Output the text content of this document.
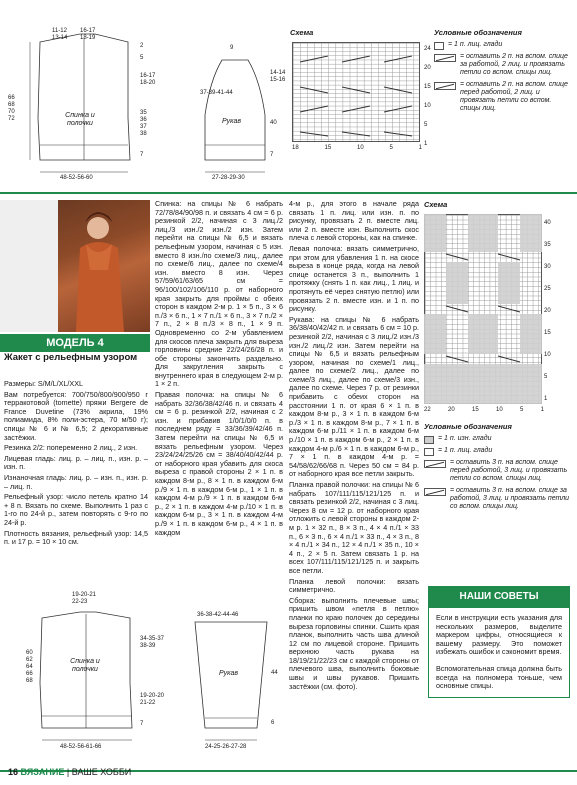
11-12
13-14
16-17
18-19
2
5
16-17
18-20
66
68
70
72
35
36
37
38
7
Спинка и полочки
48-52-56-60
9
37-39-41-44
14-14
15-16
40
7
Рукав
27-28-29-30
Схема
24
20
15
10
5
1
18	15	10	5	1
Условные обозначения
= 1 п. лиц. глади
= оставить 2 п. на вспом. спице за работой, 2 лиц. и провязать петли со вспом. спицы лиц.
= оставить 2 п. на вспом. спице перед работой, 2 лиц. и провязать петли со вспом. спицы лиц.
МОДЕЛЬ 4
Жакет с рельефным узором

Размеры: S/M/L/XL/XXL

Вам потребуется: 700/750/800/900/950 г терракотовой (tomette) пряжи Bergere de France Duvetine (73% акрила, 19% полиамида, 8% поли-эстера, 70 м/50 г); спицы № 6 и № 6,5; 2 декоративные застёжки.

Резинка 2/2: попеременно 2 лиц., 2 изн.

Лицевая гладь: лиц. р. – лиц. п., изн. р. – изн. п.

Изнаночная гладь: лиц. р. – изн. п., изн. р. – лиц. п.

Рельефный узор: число петель кратно 14 + 8 п. Вязать по схеме. Выполнить 1 раз с 1-го по 24-й р., затем повторять с 9-го по 24-й р.

Плотность вязания, рельефный узор: 14,5 п. и 17 р. = 10 × 10 см.

Спинка: на спицы № 6 набрать 72/78/84/90/98 п. и связать 4 см = 6 р. резинкой 2/2, начиная с 3 лиц./2 лиц./3 изн./2 изн./2 изн. Затем перейти на спицы № 6,5 и вязать рельефным узором, начиная с 5 изн. вместо 8 изн./по схеме/3 лиц., далее по схеме/6 лиц., далее по схеме/4 изн. вместо 8 изн. Через 57/59/61/63/65 см = 96/100/102/106/110 р. от наборного края закрыть для проймы с обеих сторон в каждом 2-м р. 1 × 5 п., 3 × 6 п./3 × 6 п., 1 × 7 п./1 × 6 п., 3 × 7 п./2 × 7 п., 2 × 8 п./3 × 8 п., 1 × 9 п. Одновременно со 2-м убавлением для скосов плеча закрыть для выреза горловины средние 22/24/26/28 п. и обе стороны закончить раздельно. Для закругления закрыть с внутреннего края в следующем 2-м р. 1 × 2 п.

Правая полочка: на спицы № 6 набрать 32/36/38/42/46 п. и связать 4 см = 6 р. резинкой 2/2, начиная с 2 изн. и прибавив 1/0/1/0/0 п. в последнем ряду = 33/36/39/42/46 п. Затем перейти на спицы № 6,5 и вязать рельефным узором. Через 23/24/24/25/26 см = 38/40/40/42/44 р. от наборного края убавить для скоса выреза с правой стороны 2 × 1 п. в каждом 8-м р., 8 × 1 п. в каждом 6-м р./9 × 1 п. в каждом 6-м р., 1 × 1 п. в каждом 4-м р./9 × 1 п. в каждом 6-м р., 2 × 1 п. в каждом 4-м р./10 × 1 п. в каждом 6-м р., 3 × 1 п. в каждом 4-м р./9 × 1 п. в каждом 6-м р., 4 × 1 п. в каждом

4-м р., для этого в начале ряда связать 1 п. лиц. или изн. п. по рисунку, провязать 2 п. вместе лиц. или 2 п. вместе изн. Выполнить скос плеча с левой стороны, как на спинке.

Левая полочка: вязать симметрично, при этом для убавления 1 п. на скосе выреза в конце ряда, когда на левой спице останется 3 п., выполнить 1 протяжку (снять 1 п. как лиц., 1 лиц. и протянуть её через снятую петлю) или провязать 2 п. вместе изн. и 1 п. по рисунку.

Рукава: на спицы № 6 набрать 36/38/40/42/42 п. и связать 6 см = 10 р. резинкой 2/2, начиная с 3 лиц./2 изн./3 изн./2 лиц./2 изн. Затем перейти на спицы № 6,5 и вязать рельефным узором, начиная по схеме/1 лиц., далее по схеме/2 лиц., далее по схеме/3 лиц., далее по схеме/3 изн., далее по схеме. Через 7 р. от резинки прибавить с обеих сторон на расстоянии 1 п. от края 6 × 1 п. в каждом 8-м р., 3 × 1 п. в каждом 6-м р./3 × 1 п. в каждом 8-м р., 7 × 1 п. в каждом 6-м р./11 × 1 п. в каждом 6-м р./10 × 1 п. в каждом 6-м р., 2 × 1 п. в каждом 4-м р./6 × 1 п. в каждом 6-м р., 7 × 1 п. в каждом 4-м р. = 54/58/62/66/68 п. Через 50 см = 84 р. от наборного края все петли закрыть.

Планка правой полочки: на спицы № 6 набрать 107/111/115/121/125 п. и связать резинкой 2/2, начиная с 3 лиц. Через 8 см = 12 р. от наборного края отложить с левой стороны в каждом 2-м р. 1 × 32 п., 8 × 3 п., 4 × 4 п./1 × 33 п., 6 × 3 п., 6 × 4 п./1 × 33 п., 4 × 3 п., 8 × 4 п./1 × 34 п., 12 × 4 п./1 × 35 п., 10 × 4 п., 2 × 5 п. Затем связать 1 р. на всех 107/111/115/121/125 п. и закрыть все петли.

Планка левой полочки: вязать симметрично.

Сборка: выполнить плечевые швы; пришить швом «петля в петлю» планки по краю полочек до середины выреза горловины спинки. Сшить края планок, выполнить часть шва длиной 12 см по лицевой стороне. Пришить верхнюю часть рукава на 18/19/21/22/23 см с каждой стороны от плечевого шва, выполнить боковые швы и швы рукавов. Пришить застёжки (см. фото).

Схема
40
35
30
25
20
15
10
5
1
22	20	15	10	5	1
Условные обозначения
= 1 п. изн. глади
= 1 п. лиц. глади
= оставить 3 п. на вспом. спице перед работой, 3 лиц. и провязать петли со вспом. спицы лиц.
= оставить 3 п. на вспом. спице за работой, 3 лиц. и провязать петли со вспом. спицы лиц.
19-20-21
22-23
60
62
64
66
68
34-35-37
38-39
19-20-20
21-22
7
Спинка и полочки
48-52-56-61-66
36-38-42-44-46
44
6
Рукав
24-25-26-27-28
НАШИ СОВЕТЫ

Если в инструкции есть указания для нескольких размеров, выделите маркером цифры, относящиеся к вашему размеру. Это поможет избежать ошибок и сэкономит время.

Вспомогательная спица должна быть всегда на полномера тоньше, чем основные спицы.

16 ВЯЗАНИЕ | ВАШЕ ХОББИ
